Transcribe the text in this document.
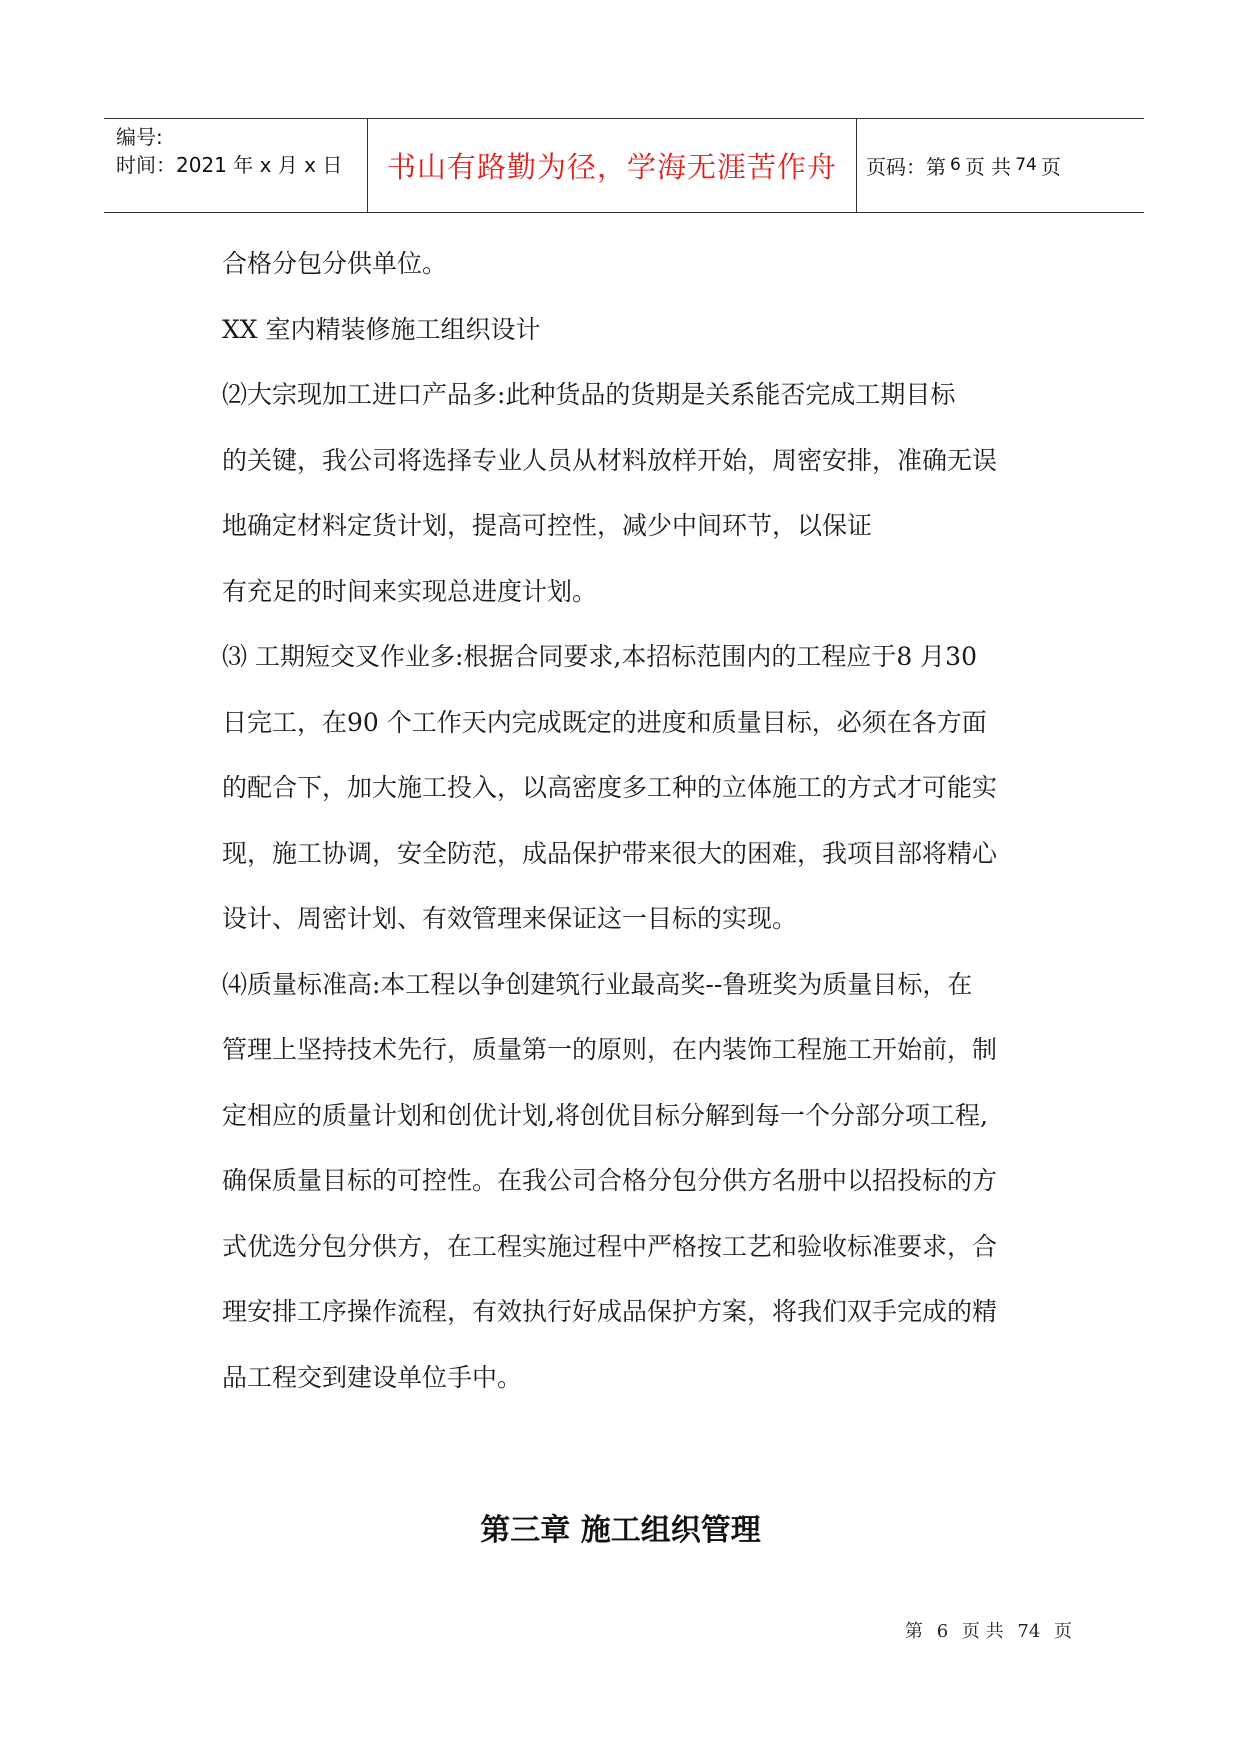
编号:
时间：2021 年 x 月 x 日	书山有路勤为径，学海无涯苦作舟	页码：第 6 页 共 74 页
合格分包分供单位。
XX 室内精装修施工组织设计
⑵大宗现加工进口产品多:此种货品的货期是关系能否完成工期目标
的关键，我公司将选择专业人员从材料放样开始，周密安排，准确无误
地确定材料定货计划，提高可控性，减少中间环节，以保证
有充足的时间来实现总进度计划。
⑶ 工期短交叉作业多:根据合同要求,本招标范围内的工程应于8 月30
日完工，在90 个工作天内完成既定的进度和质量目标，必须在各方面
的配合下，加大施工投入，以高密度多工种的立体施工的方式才可能实
现，施工协调，安全防范，成品保护带来很大的困难，我项目部将精心
设计、周密计划、有效管理来保证这一目标的实现。
⑷质量标准高:本工程以争创建筑行业最高奖--鲁班奖为质量目标，在
管理上坚持技术先行，质量第一的原则，在内装饰工程施工开始前，制
定相应的质量计划和创优计划,将创优目标分解到每一个分部分项工程,
确保质量目标的可控性。在我公司合格分包分供方名册中以招投标的方
式优选分包分供方，在工程实施过程中严格按工艺和验收标准要求，合
理安排工序操作流程，有效执行好成品保护方案，将我们双手完成的精
品工程交到建设单位手中。
第三章 施工组织管理
第 6 页 共 74 页
